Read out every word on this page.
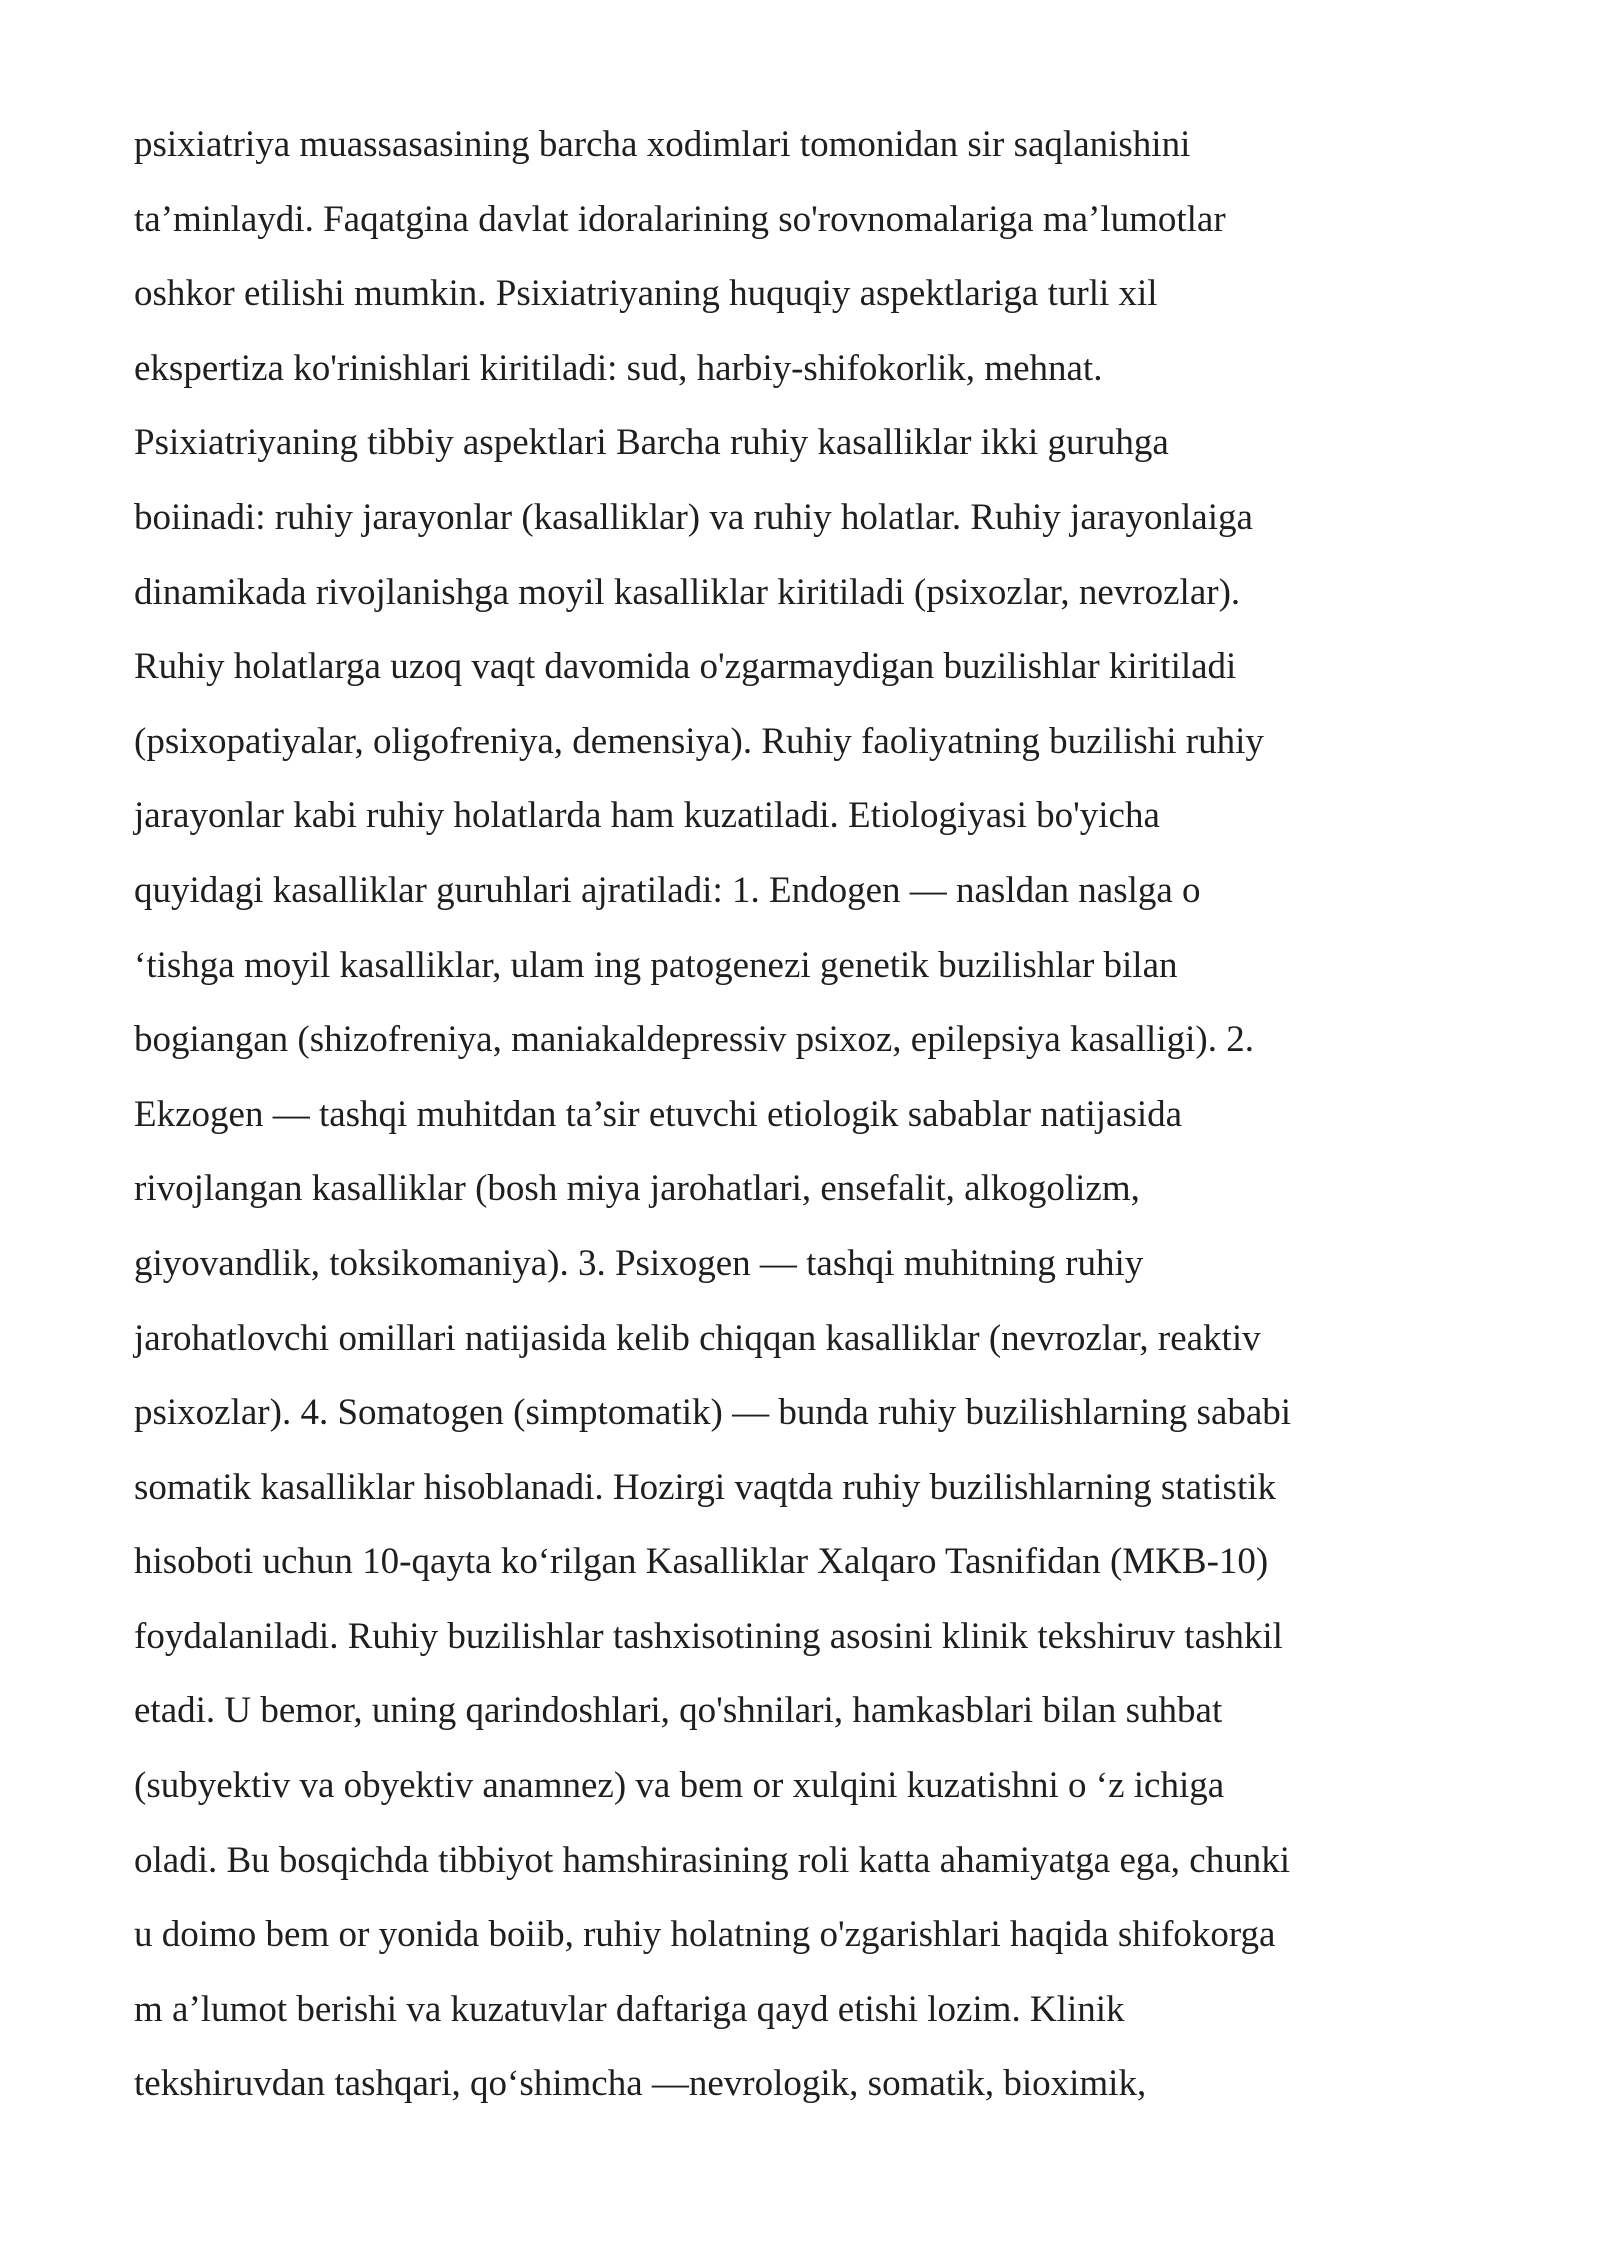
psixiatriya muassasasining barcha xodimlari tomonidan sir saqlanishini
ta’minlaydi. Faqatgina davlat idoralarining so'rovnomalariga ma’lumotlar
oshkor etilishi mumkin. Psixiatriyaning huquqiy aspektlariga turli xil
ekspertiza ko'rinishlari kiritiladi: sud, harbiy-shifokorlik, mehnat.
Psixiatriyaning tibbiy aspektlari Barcha ruhiy kasalliklar ikki guruhga
boiinadi: ruhiy jarayonlar (kasalliklar) va ruhiy holatlar. Ruhiy jarayonlaiga
dinamikada rivojlanishga moyil kasalliklar kiritiladi (psixozlar, nevrozlar).
Ruhiy holatlarga uzoq vaqt davomida o'zgarmaydigan buzilishlar kiritiladi
(psixopatiyalar, oligofreniya, demensiya). Ruhiy faoliyatning buzilishi ruhiy
jarayonlar kabi ruhiy holatlarda ham kuzatiladi. Etiologiyasi bo'yicha
quyidagi kasalliklar guruhlari ajratiladi: 1. Endogen — nasldan naslga o
‘tishga moyil kasalliklar, ulam ing patogenezi genetik buzilishlar bilan
bogiangan (shizofreniya, maniakaldepressiv psixoz, epilepsiya kasalligi). 2.
Ekzogen — tashqi muhitdan ta’sir etuvchi etiologik sabablar natijasida
rivojlangan kasalliklar (bosh miya jarohatlari, ensefalit, alkogolizm,
giyovandlik, toksikomaniya). 3. Psixogen — tashqi muhitning ruhiy
jarohatlovchi omillari natijasida kelib chiqqan kasalliklar (nevrozlar, reaktiv
psixozlar). 4. Somatogen (simptomatik) — bunda ruhiy buzilishlarning sababi
somatik kasalliklar hisoblanadi. Hozirgi vaqtda ruhiy buzilishlarning statistik
hisoboti uchun 10-qayta ko‘rilgan Kasalliklar Xalqaro Tasnifidan (MKB-10)
foydalaniladi. Ruhiy buzilishlar tashxisotining asosini klinik tekshiruv tashkil
etadi. U bemor, uning qarindoshlari, qo'shnilari, hamkasblari bilan suhbat
(subyektiv va obyektiv anamnez) va bem or xulqini kuzatishni o ‘z ichiga
oladi. Bu bosqichda tibbiyot hamshirasining roli katta ahamiyatga ega, chunki
u doimo bem or yonida boiib, ruhiy holatning o'zgarishlari haqida shifokorga
m a’lumot berishi va kuzatuvlar daftariga qayd etishi lozim. Klinik
tekshiruvdan tashqari, qo‘shimcha —nevrologik, somatik, bioximik,
